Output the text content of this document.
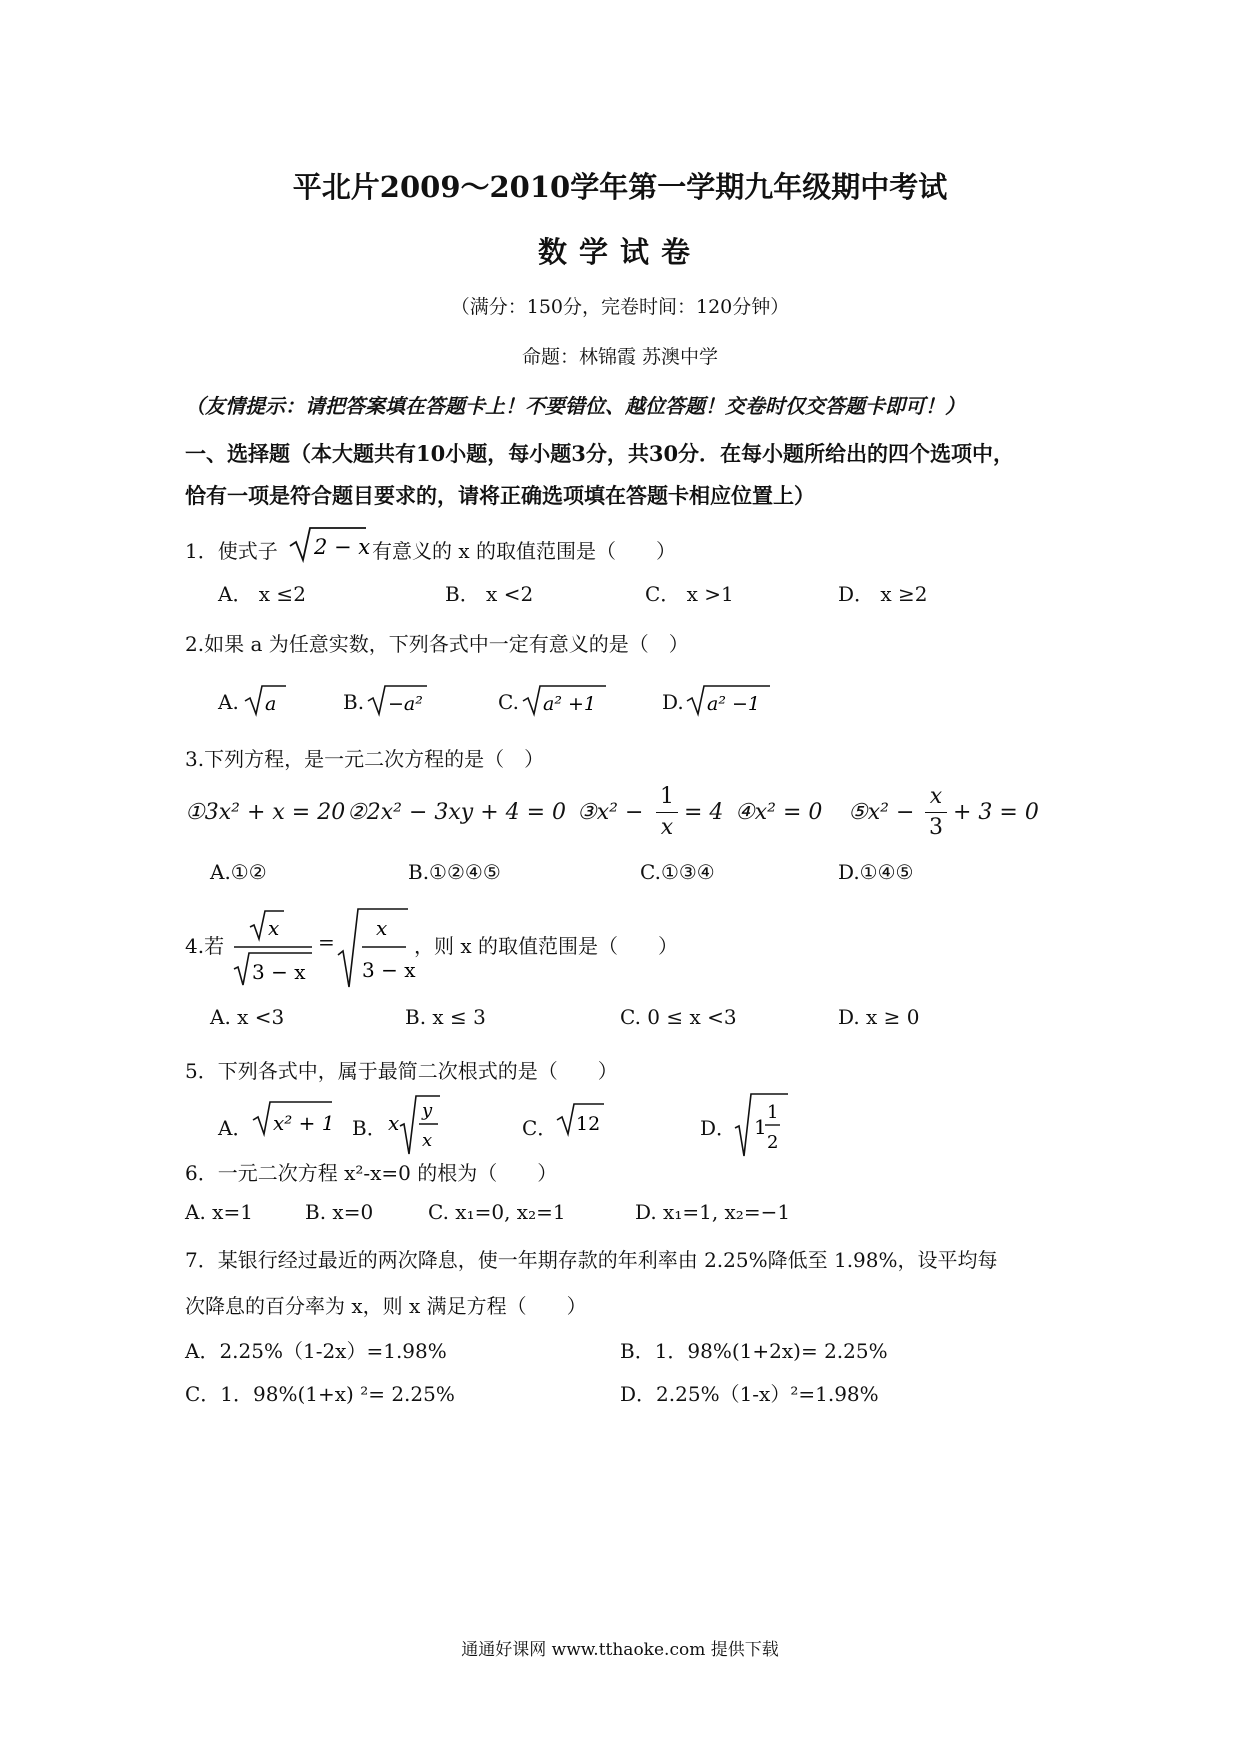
平北片2009～2010学年第一学期九年级期中考试
数学试卷
（满分：150分，完卷时间：120分钟）
命题：林锦霞 苏澳中学
（友情提示：请把答案填在答题卡上！不要错位、越位答题！交卷时仅交答题卡即可！）
一、选择题（本大题共有10小题，每小题3分，共30分．在每小题所给出的四个选项中，
恰有一项是符合题目要求的，请将正确选项填在答题卡相应位置上）
1．使式子 2 − x 有意义的 x 的取值范围是（　　）
A． x ≤2	B． x <2	C． x >1	D． x ≥2
2.如果 a 为任意实数，下列各式中一定有意义的是（　）
A. a	B. −a²	C. a² +1	D. a² −1
3.下列方程，是一元二次方程的是（　）
①3x² + x = 20 ②2x² − 3xy + 4 = 0 ③x² −
1
x
= 4 ④x² = 0 ⑤x² −
x
3
+ 3 = 0
A.①②	B.①②④⑤	C.①③④	D.①④⑤
4.若
x
3 − x
=
x
3 − x
，则 x 的取值范围是（　　）
A. x <3	B. x ≤ 3	C. 0 ≤ x <3	D. x ≥ 0
5．下列各式中，属于最简二次根式的是（　　）
A． x² + 1 B． x
y
x
C． 12	D． 1
1
2
6．一元二次方程 x²-x=0 的根为（　　）
A. x=1	B. x=0	C. x₁=0, x₂=1	D. x₁=1, x₂=−1
7．某银行经过最近的两次降息，使一年期存款的年利率由 2.25%降低至 1.98%，设平均每
次降息的百分率为 x，则 x 满足方程（　　）
A．2.25%（1-2x）=1.98%	B．1．98%(1+2x)= 2.25%
C．1．98%(1+x) ²= 2.25%	D．2.25%（1-x）²=1.98%
通通好课网 www.tthaoke.com 提供下载
